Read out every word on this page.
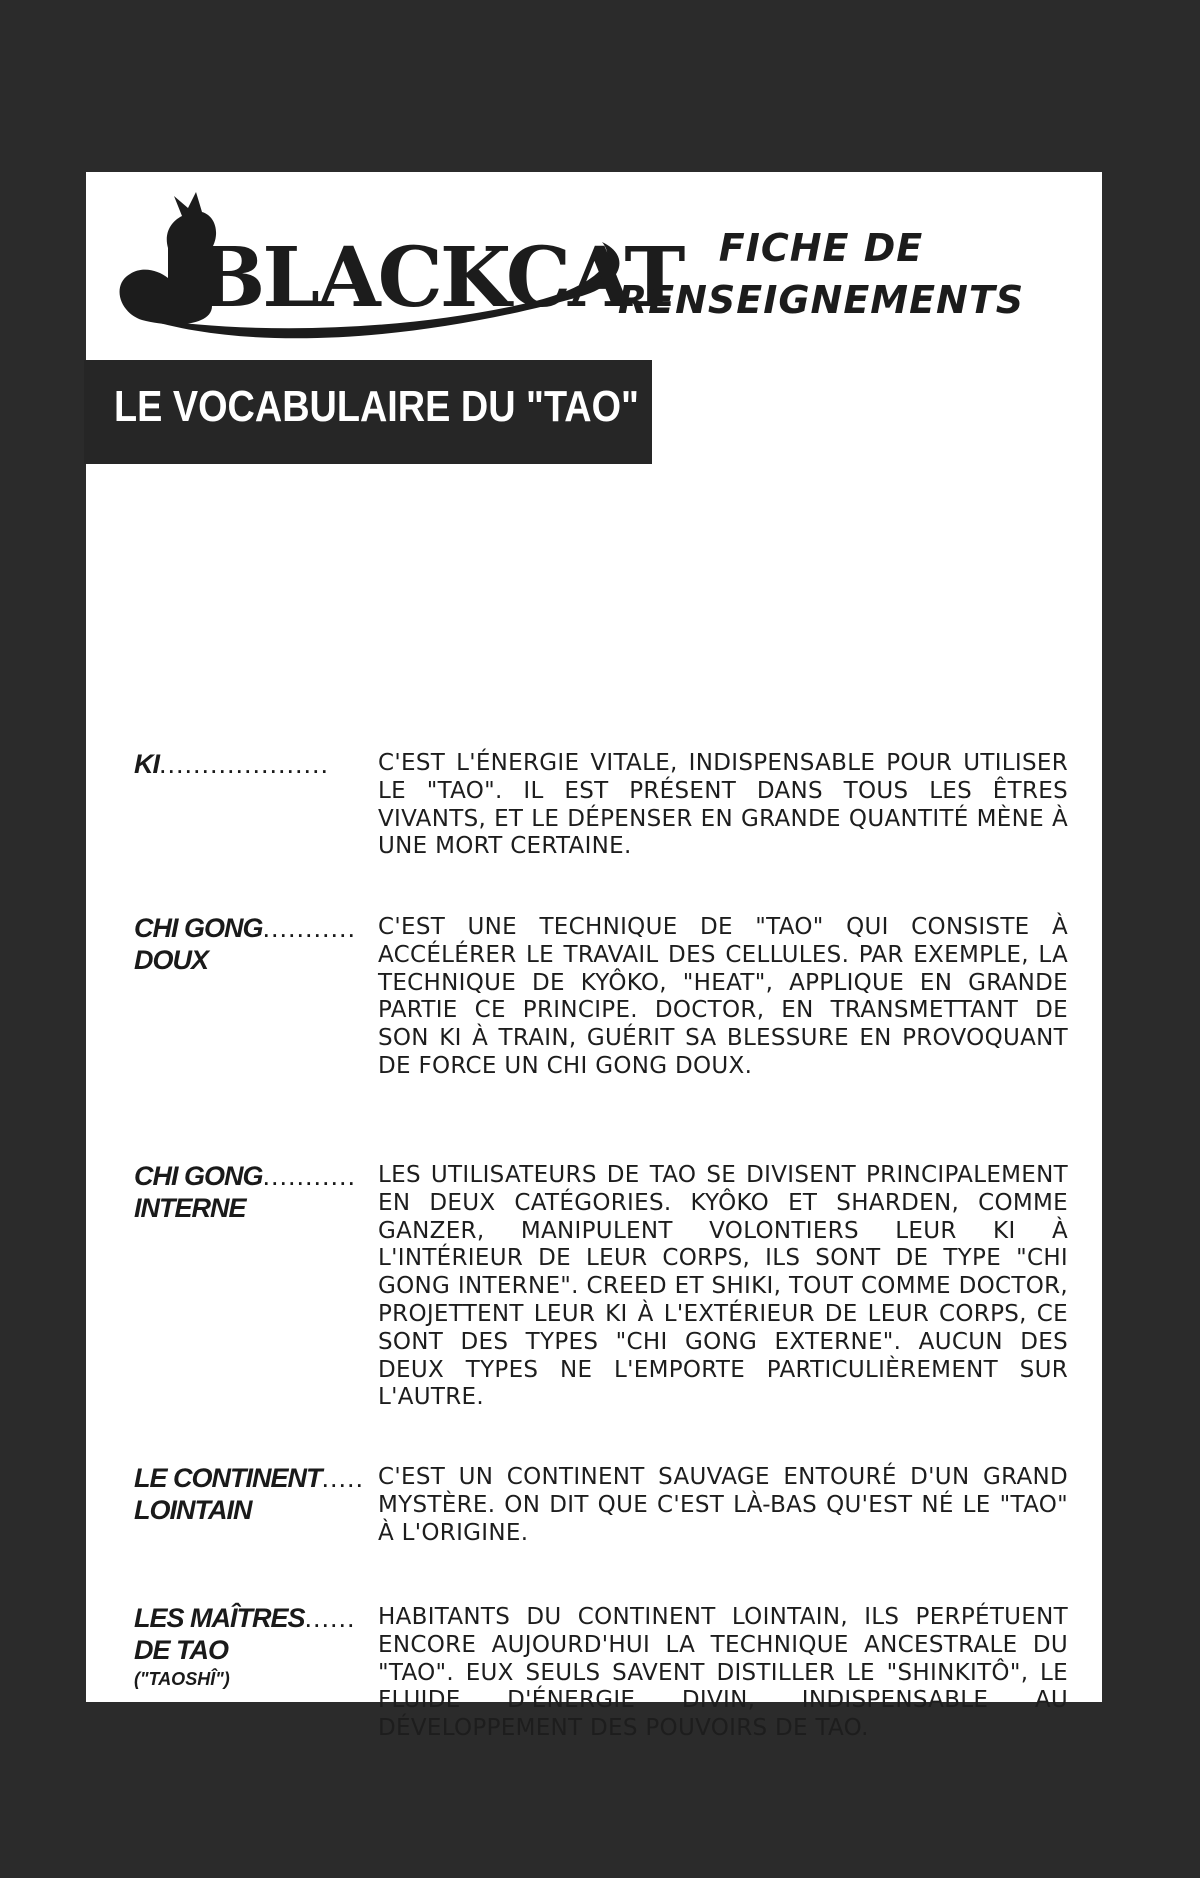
BLACKCAT FICHE DE
RENSEIGNEMENTS
LE VOCABULAIRE DU "TAO"
KI....................	C'EST L'ÉNERGIE VITALE, INDISPENSABLE POUR UTILISER LE "TAO". IL EST PRÉSENT DANS TOUS LES ÊTRES VIVANTS, ET LE DÉPENSER EN GRANDE QUANTITÉ MÈNE À UNE MORT CERTAINE.
CHI GONG...........
DOUX
C'EST UNE TECHNIQUE DE "TAO" QUI CONSISTE À ACCÉLÉRER LE TRAVAIL DES CELLULES. PAR EXEMPLE, LA TECHNIQUE DE KYÔKO, "HEAT", APPLIQUE EN GRANDE PARTIE CE PRINCIPE. DOCTOR, EN TRANSMETTANT DE SON KI À TRAIN, GUÉRIT SA BLESSURE EN PROVOQUANT DE FORCE UN CHI GONG DOUX.
CHI GONG...........
INTERNE
LES UTILISATEURS DE TAO SE DIVISENT PRINCIPALEMENT EN DEUX CATÉGORIES. KYÔKO ET SHARDEN, COMME GANZER, MANIPULENT VOLONTIERS LEUR KI À L'INTÉRIEUR DE LEUR CORPS, ILS SONT DE TYPE "CHI GONG INTERNE". CREED ET SHIKI, TOUT COMME DOCTOR, PROJETTENT LEUR KI À L'EXTÉRIEUR DE LEUR CORPS, CE SONT DES TYPES "CHI GONG EXTERNE". AUCUN DES DEUX TYPES NE L'EMPORTE PARTICULIÈREMENT SUR L'AUTRE.
LE CONTINENT.....
LOINTAIN
C'EST UN CONTINENT SAUVAGE ENTOURÉ D'UN GRAND MYSTÈRE. ON DIT QUE C'EST LÀ-BAS QU'EST NÉ LE "TAO" À L'ORIGINE.
LES MAÎTRES......
DE TAO
("TAOSHÎ")
HABITANTS DU CONTINENT LOINTAIN, ILS PERPÉTUENT ENCORE AUJOURD'HUI LA TECHNIQUE ANCESTRALE DU "TAO". EUX SEULS SAVENT DISTILLER LE "SHINKITÔ", LE FLUIDE D'ÉNERGIE DIVIN, INDISPENSABLE AU DÉVELOPPEMENT DES POUVOIRS DE TAO.
